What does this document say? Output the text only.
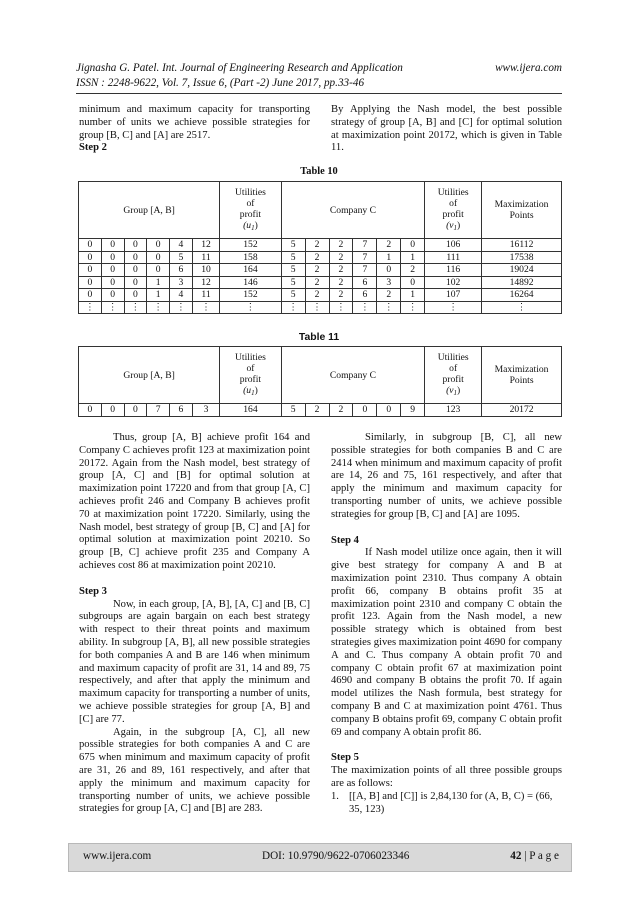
Jignasha G. Patel. Int. Journal of Engineering Research and Application	www.ijera.com
ISSN : 2248-9622, Vol. 7, Issue 6, (Part -2) June 2017, pp.33-46

minimum and maximum capacity for transporting number of units we achieve possible strategies for group [B, C] and [A] are 2517.

Step 2

By Applying the Nash model, the best possible strategy of group [A, B] and [C] for optimal solution at maximization point 20172, which is given in Table 11.

Table 10
Group [A, B]						Utilities
of
profit
$(u_1)$	Company C						Utilities
of
profit
$(v_1)$	Maximization
Points
0	0	0	0	4	12	152	5	2	2	7	2	0	106	16112
0	0	0	0	5	11	158	5	2	2	7	1	1	111	17538
0	0	0	0	6	10	164	5	2	2	7	0	2	116	19024
0	0	0	1	3	12	146	5	2	2	6	3	0	102	14892
0	0	0	1	4	11	152	5	2	2	6	2	1	107	16264
⋮	⋮	⋮	⋮	⋮	⋮	⋮	⋮	⋮	⋮	⋮	⋮	⋮	⋮	⋮
Table 11
Group [A, B]						Utilities
of
profit
$(u_1)$	Company C						Utilities
of
profit
$(v_1)$	Maximization
Points
0	0	0	7	6	3	164	5	2	2	0	0	9	123	20172

Thus, group [A, B] achieve profit 164 and Company C achieves profit 123 at maximization point 20172. Again from the Nash model, best strategy of group [A, C] and [B] for optimal solution at maximization point 17220 and from that group [A, C] achieves profit 246 and Company B achieves profit 70 at maximization point 17220. Similarly, using the Nash model, best strategy of group [B, C] and [A] for optimal solution at maximization point 20210. So group [B, C] achieve profit 235 and Company A achieves cost 86 at maximization point 20210.

Step 3

Now, in each group, [A, B], [A, C] and [B, C] subgroups are again bargain on each best strategy with respect to their threat points and maximum ability. In subgroup [A, B], all new possible strategies for both companies A and B are 146 when minimum and maximum capacity of profit are 31, 14 and 89, 75 respectively, and after that apply the minimum and maximum capacity for transporting a number of units, we achieve possible strategies for group [A, B] and [C] are 77.

Again, in the subgroup [A, C], all new possible strategies for both companies A and C are 675 when minimum and maximum capacity of profit are 31, 26 and 89, 161 respectively, and after that apply the minimum and maximum capacity for transporting number of units, we achieve possible strategies for group [A, C] and [B] are 283.

Similarly, in subgroup [B, C], all new possible strategies for both companies B and C are 2414 when minimum and maximum capacity of profit are 14, 26 and 75, 161 respectively, and after that apply the minimum and maximum capacity for transporting number of units, we achieve possible strategies for group [B, C] and [A] are 1095.

Step 4

If Nash model utilize once again, then it will give best strategy for company A and B at maximization point 2310. Thus company A obtain profit 66, company B obtains profit 35 at maximization point 2310 and company C obtain the profit 123. Again from the Nash model, a new possible strategy which is obtained from best strategies gives maximization point 4690 for company A and C. Thus company A obtain profit 70 and company C obtain profit 67 at maximization point 4690 and company B obtains the profit 70. If again model utilizes the Nash formula, best strategy for company B and C at maximization point 4761. Thus company B obtains profit 69, company C obtain profit 69 and company A obtain profit 86.

Step 5

The maximization points of all three possible groups are as follows:

1. [[A, B] and [C]] is 2,84,130 for (A, B, C) = (66, 35, 123)
www.ijera.com	DOI: 10.9790/9622-0706023346	42 | P a g e
